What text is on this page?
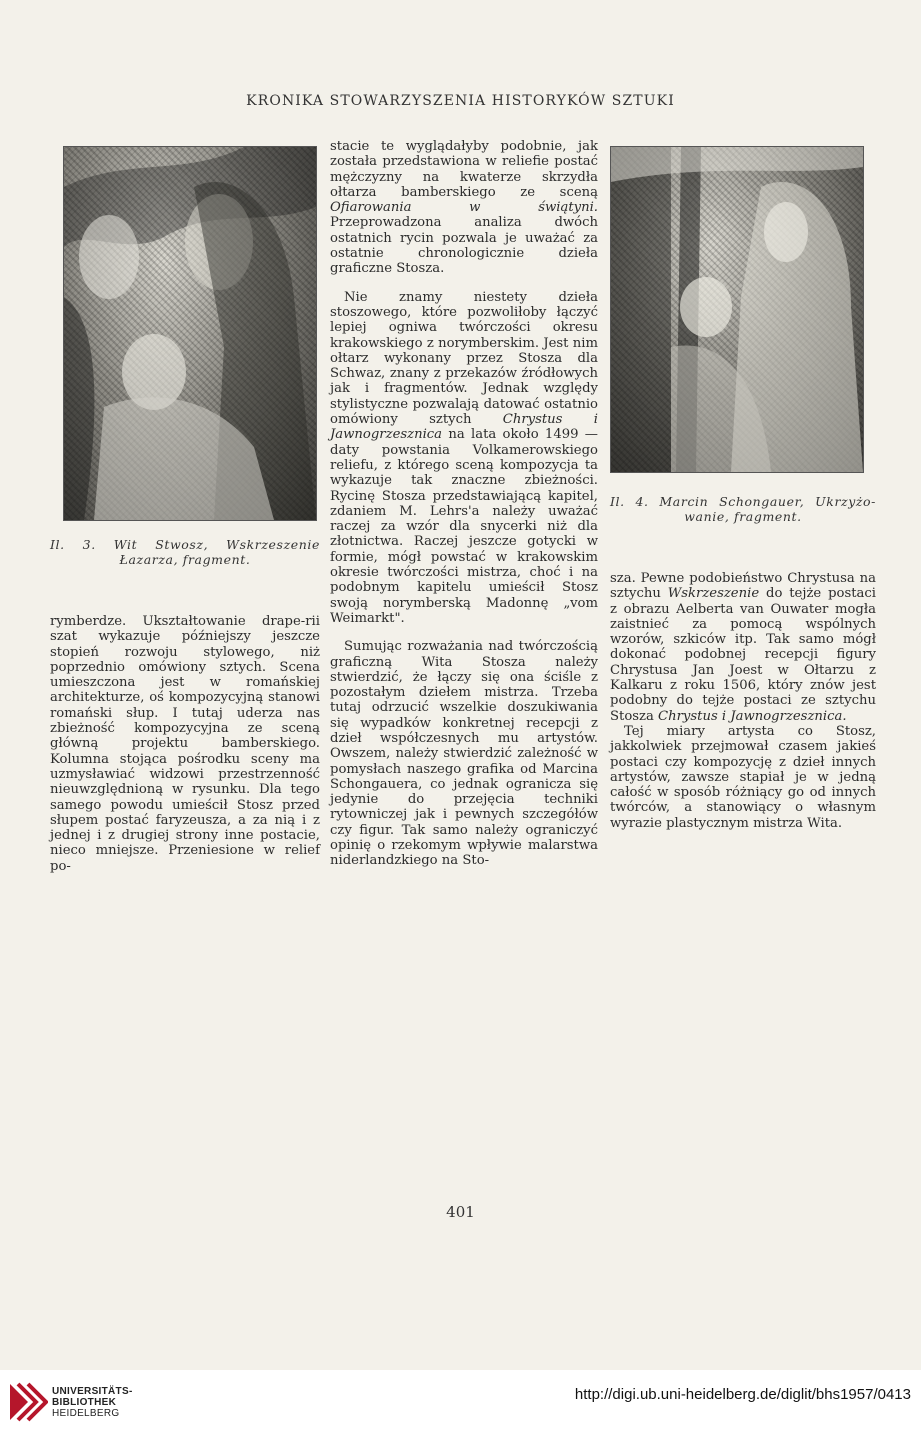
KRONIKA STOWARZYSZENIA HISTORYKÓW SZTUKI
Il. 3. Wit Stwosz, Wskrzeszenie
Łazarza, fragment.
Il. 4. Marcin Schongauer, Ukrzyżo-
wanie, fragment.

rymberdze. Ukształtowanie drape-rii szat wykazuje późniejszy jeszcze stopień rozwoju stylowego, niż poprzednio omówiony sztych. Scena umieszczona jest w romańskiej architekturze, oś kompozycyjną stanowi romański słup. I tutaj uderza nas zbieżność kompozycyjna ze sceną główną projektu bamberskiego. Kolumna stojąca pośrodku sceny ma uzmysławiać widzowi przestrzenność nieuwzględnioną w rysunku. Dla tego samego powodu umieścił Stosz przed słupem postać faryzeusza, a za nią i z jednej i z drugiej strony inne postacie, nieco mniejsze. Przeniesione w relief po-

stacie te wyglądałyby podobnie, jak została przedstawiona w reliefie postać mężczyzny na kwaterze skrzydła ołtarza bamberskiego ze sceną Ofiarowania w świątyni. Przeprowadzona analiza dwóch ostatnich rycin pozwala je uważać za ostatnie chronologicznie dzieła graficzne Stosza.

Nie znamy niestety dzieła stoszowego, które pozwoliłoby łączyć lepiej ogniwa twórczości okresu krakowskiego z norymberskim. Jest nim ołtarz wykonany przez Stosza dla Schwaz, znany z przekazów źródłowych jak i fragmentów. Jednak względy stylistyczne pozwalają datować ostatnio omówiony sztych Chrystus i Jawnogrzesznica na lata około 1499 — daty powstania Volkamerowskiego reliefu, z którego sceną kompozycja ta wykazuje tak znaczne zbieżności. Rycinę Stosza przedstawiającą kapitel, zdaniem M. Lehrs'a należy uważać raczej za wzór dla snycerki niż dla złotnictwa. Raczej jeszcze gotycki w formie, mógł powstać w krakowskim okresie twórczości mistrza, choć i na podobnym kapitelu umieścił Stosz swoją norymberską Madonnę „vom Weimarkt".

Sumując rozważania nad twórczością graficzną Wita Stosza należy stwierdzić, że łączy się ona ściśle z pozostałym dziełem mistrza. Trzeba tutaj odrzucić wszelkie doszukiwania się wypadków konkretnej recepcji z dzieł współczesnych mu artystów. Owszem, należy stwierdzić zależność w pomysłach naszego grafika od Marcina Schongauera, co jednak ogranicza się jedynie do przejęcia techniki rytowniczej jak i pewnych szczegółów czy figur. Tak samo należy ograniczyć opinię o rzekomym wpływie malarstwa niderlandzkiego na Sto-

sza. Pewne podobieństwo Chrystusa na sztychu Wskrzeszenie do tejże postaci z obrazu Aelberta van Ouwater mogła zaistnieć za pomocą wspólnych wzorów, szkiców itp. Tak samo mógł dokonać podobnej recepcji figury Chrystusa Jan Joest w Ołtarzu z Kalkaru z roku 1506, który znów jest podobny do tejże postaci ze sztychu Stosza Chrystus i Jawnogrzesznica.

Tej miary artysta co Stosz, jakkolwiek przejmował czasem jakieś postaci czy kompozycję z dzieł innych artystów, zawsze stapiał je w jedną całość w sposób różniący go od innych twórców, a stanowiący o własnym wyrazie plastycznym mistrza Wita.

401
UNIVERSITÄTS-
BIBLIOTHEK
HEIDELBERG
http://digi.ub.uni-heidelberg.de/diglit/bhs1957/0413
